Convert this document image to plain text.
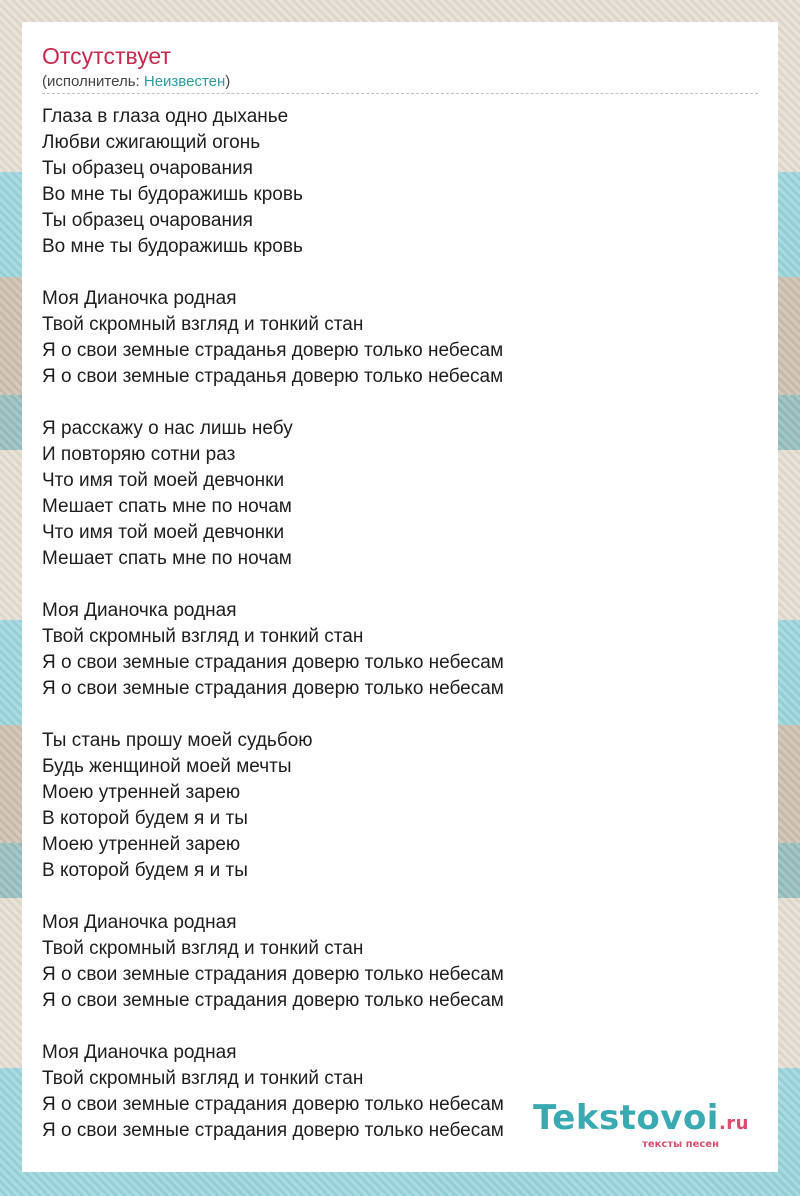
Отсутствует
(исполнитель: Неизвестен)

Глаза в глаза одно дыханье
Любви сжигающий огонь
Ты образец очарования
Во мне ты будоражишь кровь
Ты образец очарования
Во мне ты будоражишь кровь

Моя Дианочка родная
Твой скромный взгляд и тонкий стан
Я о свои земные страданья доверю только небесам
Я о свои земные страданья доверю только небесам

Я расскажу о нас лишь небу
И повторяю сотни раз
Что имя той моей девчонки
Мешает спать мне по ночам
Что имя той моей девчонки
Мешает спать мне по ночам

Моя Дианочка родная
Твой скромный взгляд и тонкий стан
Я о свои земные страдания доверю только небесам
Я о свои земные страдания доверю только небесам

Ты стань прошу моей судьбою
Будь женщиной моей мечты
Моею утренней зарею
В которой будем я и ты
Моею утренней зарею
В которой будем я и ты

Моя Дианочка родная
Твой скромный взгляд и тонкий стан
Я о свои земные страдания доверю только небесам
Я о свои земные страдания доверю только небесам

Моя Дианочка родная
Твой скромный взгляд и тонкий стан
Я о свои земные страдания доверю только небесам
Я о свои земные страдания доверю только небесам Tekstovoi.ru
тексты песен
